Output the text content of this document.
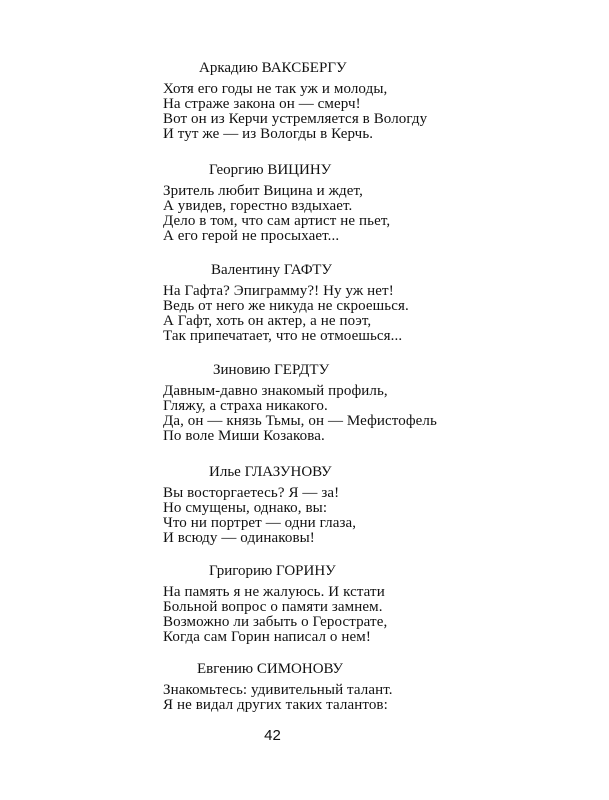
Аркадию ВАКСБЕРГУ
Хотя его годы не так уж и молоды,
На страже закона он — смерч!
Вот он из Керчи устремляется в Вологду
И тут же — из Вологды в Керчь.
Георгию ВИЦИНУ
Зритель любит Вицина и ждет,
А увидев, горестно вздыхает.
Дело в том, что сам артист не пьет,
А его герой не просыхает...
Валентину ГАФТУ
На Гафта? Эпиграмму?! Ну уж нет!
Ведь от него же никуда не скроешься.
А Гафт, хоть он актер, а не поэт,
Так припечатает, что не отмоешься...
Зиновию ГЕРДТУ
Давным-давно знакомый профиль,
Гляжу, а страха никакого.
Да, он — князь Тьмы, он — Мефистофель
По воле Миши Козакова.
Илье ГЛАЗУНОВУ
Вы восторгаетесь? Я — за!
Но смущены, однако, вы:
Что ни портрет — одни глаза,
И всюду — одинаковы!
Григорию ГОРИНУ
На память я не жалуюсь. И кстати
Больной вопрос о памяти замнем.
Возможно ли забыть о Герострате,
Когда сам Горин написал о нем!
Евгению СИМОНОВУ
Знакомьтесь: удивительный талант.
Я не видал других таких талантов:
42
